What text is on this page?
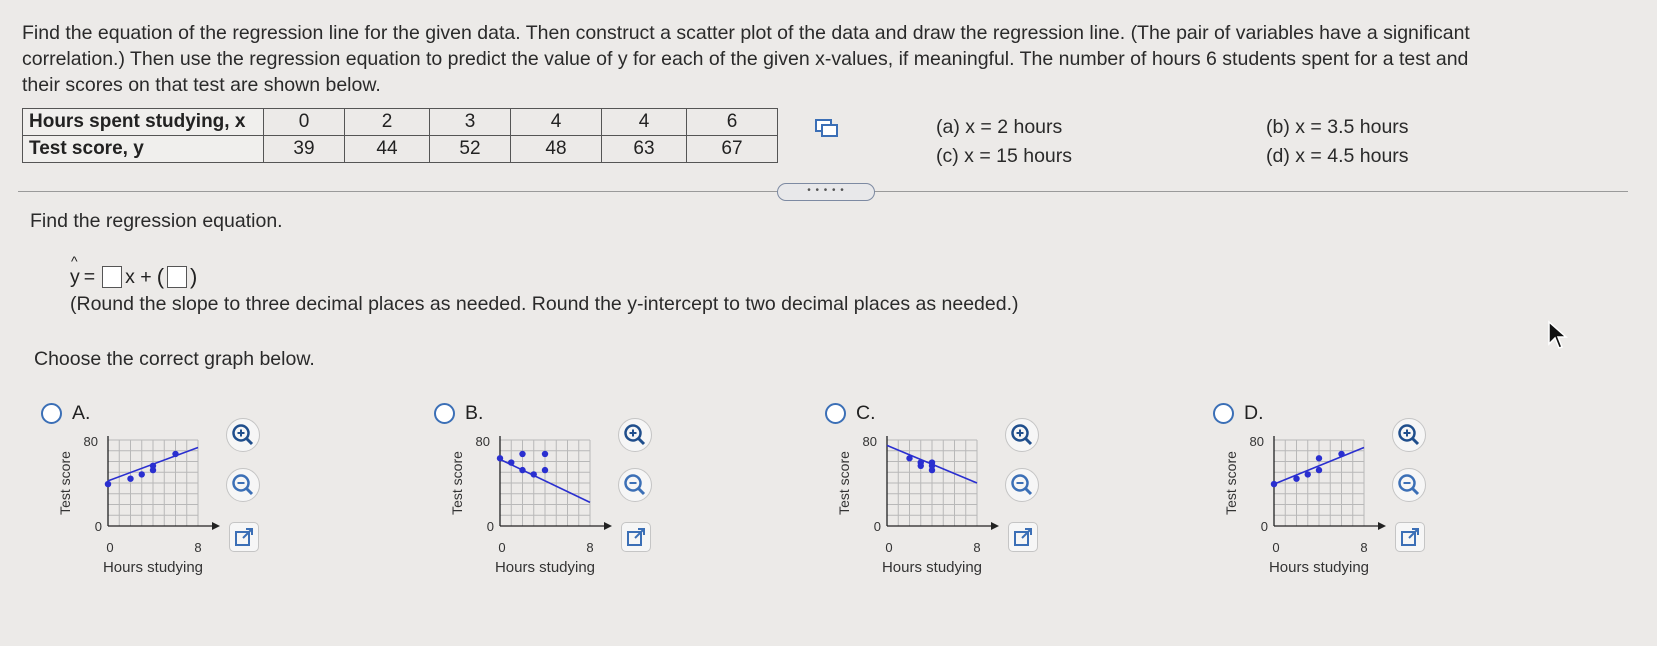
Find the equation of the regression line for the given data. Then construct a scatter plot of the data and draw the regression line. (The pair of variables have a significant
correlation.) Then use the regression equation to predict the value of y for each of the given x-values, if meaningful. The number of hours 6 students spent for a test and
their scores on that test are shown below.
Hours spent studying, x	0	2	3	4	4	6
Test score, y	39	44	52	48	63	67
(a) x = 2 hours	(b) x = 3.5 hours
(c) x = 15 hours	(d) x = 4.5 hours
• • • • •
Find the regression equation.
^
y = x + ( )
(Round the slope to three decimal places as needed. Round the y-intercept to two decimal places as needed.)
Choose the correct graph below.
A.	B.	C.	D.
80
0
0	8
Hours studying
Test score
80
0
0	8
Hours studying
Test score
80
0
0	8
Hours studying
Test score
80
0
0	8
Hours studying
Test score
